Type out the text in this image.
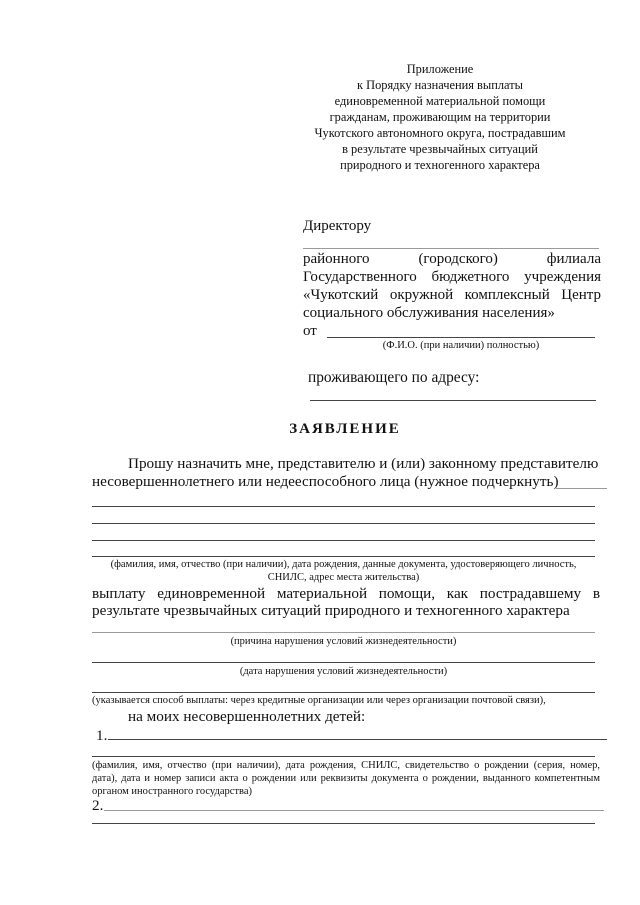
Приложение
к Порядку назначения выплаты
единовременной материальной помощи
гражданам, проживающим на территории
Чукотского автономного округа, пострадавшим
в результате чрезвычайных ситуаций
природного и техногенного характера
Директору
районного (городского) филиала
Государственного бюджетного учреждения
«Чукотский окружной комплексный Центр
социального обслуживания населения»
от
(Ф.И.О. (при наличии) полностью)
проживающего по адресу:
ЗАЯВЛЕНИЕ
Прошу назначить мне, представителю и (или) законному представителю
несовершеннолетнего или недееспособного лица (нужное подчеркнуть)
(фамилия, имя, отчество (при наличии), дата рождения, данные документа, удостоверяющего личность,
СНИЛС, адрес места жительства)
выплату единовременной материальной помощи, как пострадавшему в
результате чрезвычайных ситуаций природного и техногенного характера
(причина нарушения условий жизнедеятельности)
(дата нарушения условий жизнедеятельности)
(указывается способ выплаты: через кредитные организации или через организации почтовой связи),
на моих несовершеннолетних детей:
1.
(фамилия, имя, отчество (при наличии), дата рождения, СНИЛС, свидетельство о рождении (серия, номер,
дата), дата и номер записи акта о рождении или реквизиты документа о рождении, выданного компетентным
органом иностранного государства)
2.
